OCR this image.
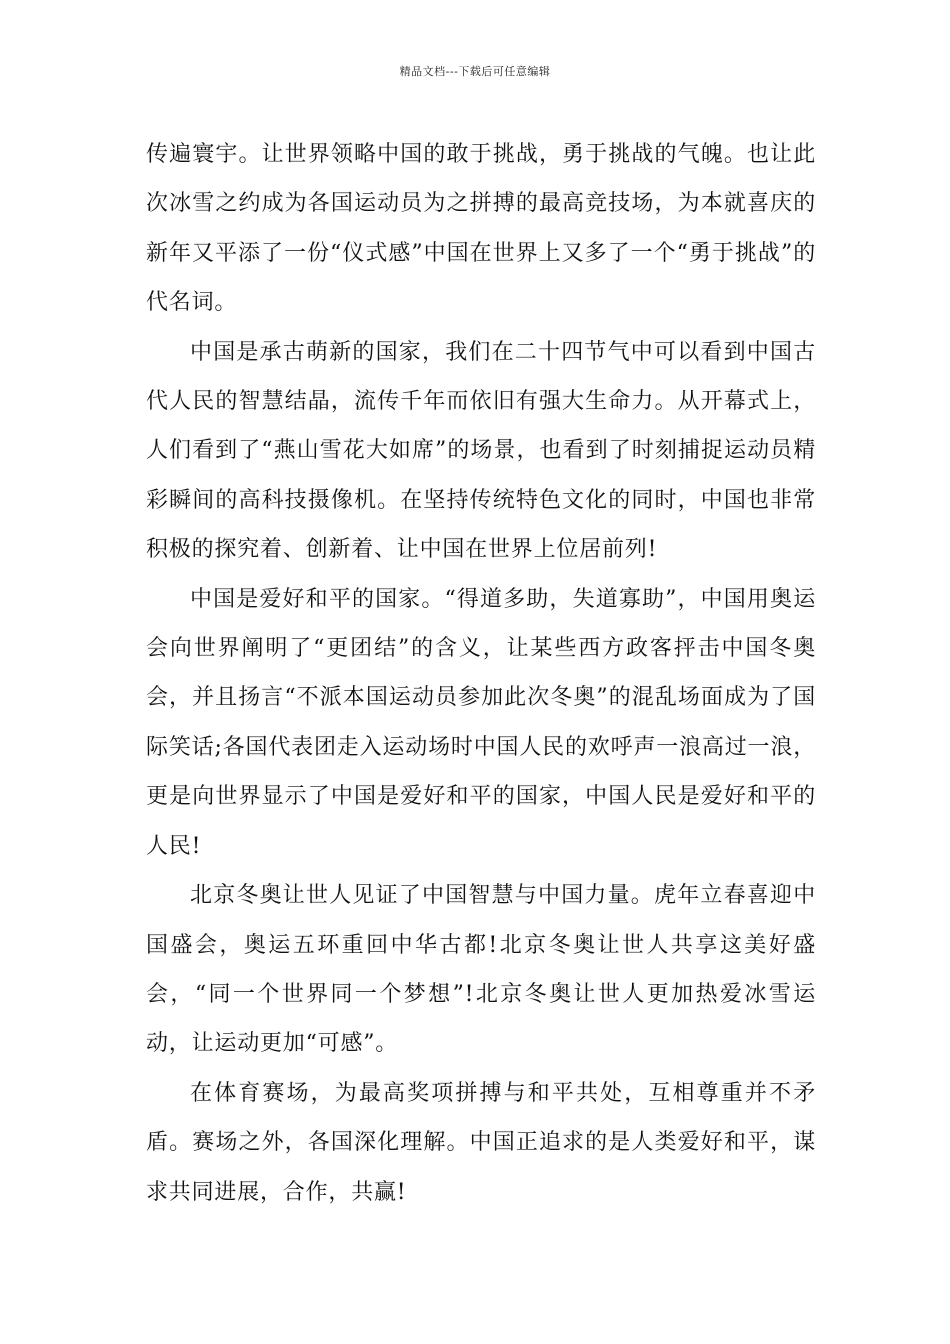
精品文档---下载后可任意编辑

传遍寰宇。让世界领略中国的敢于挑战，勇于挑战的气魄。也让此次冰雪之约成为各国运动员为之拼搏的最高竞技场，为本就喜庆的新年又平添了一份“仪式感”中国在世界上又多了一个“勇于挑战”的代名词。

中国是承古萌新的国家，我们在二十四节气中可以看到中国古代人民的智慧结晶，流传千年而依旧有强大生命力。从开幕式上，人们看到了“燕山雪花大如席”的场景，也看到了时刻捕捉运动员精彩瞬间的高科技摄像机。在坚持传统特色文化的同时，中国也非常积极的探究着、创新着、让中国在世界上位居前列!

中国是爱好和平的国家。“得道多助，失道寡助”，中国用奥运会向世界阐明了“更团结”的含义，让某些西方政客抨击中国冬奥会，并且扬言“不派本国运动员参加此次冬奥”的混乱场面成为了国际笑话;各国代表团走入运动场时中国人民的欢呼声一浪高过一浪，更是向世界显示了中国是爱好和平的国家，中国人民是爱好和平的人民!

北京冬奥让世人见证了中国智慧与中国力量。虎年立春喜迎中国盛会，奥运五环重回中华古都!北京冬奥让世人共享这美好盛会，“同一个世界同一个梦想”!北京冬奥让世人更加热爱冰雪运动，让运动更加“可感”。

在体育赛场，为最高奖项拼搏与和平共处，互相尊重并不矛盾。赛场之外，各国深化理解。中国正追求的是人类爱好和平，谋求共同进展，合作，共赢!
